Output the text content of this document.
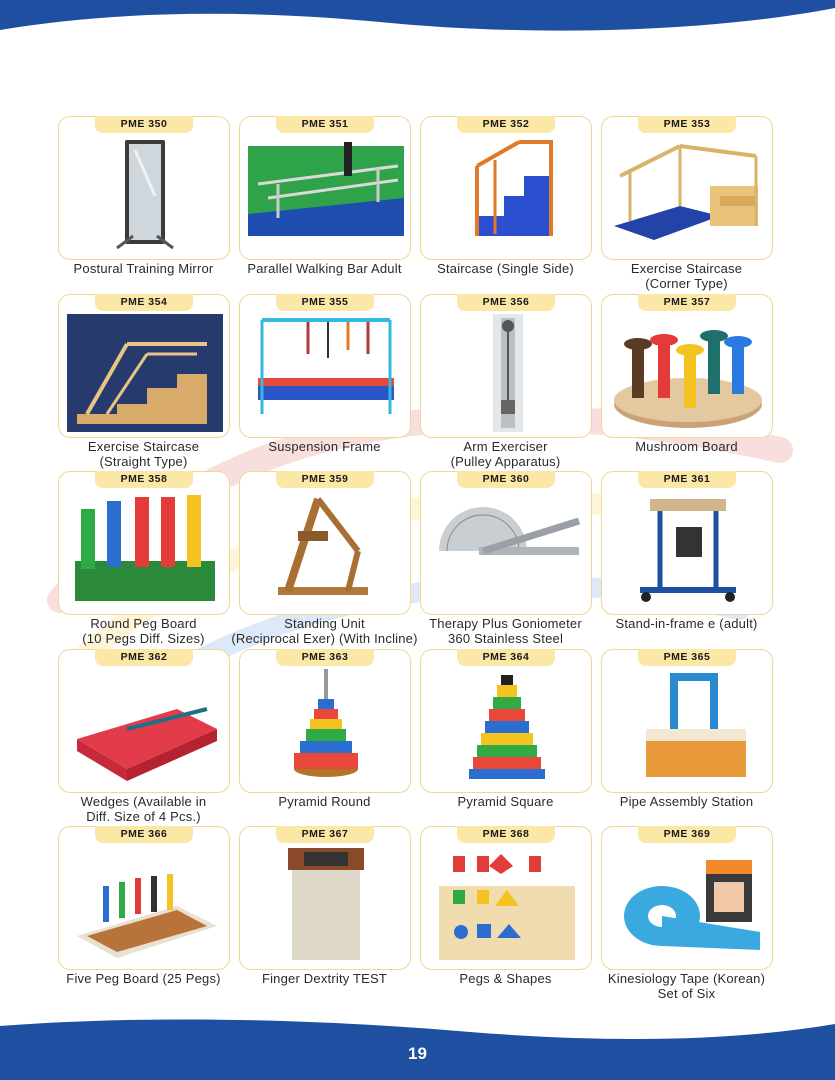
PME 350
Postural Training Mirror
PME 351
Parallel Walking Bar Adult
PME 352
Staircase (Single Side)
PME 353
Exercise Staircase
(Corner Type)
PME 354
Exercise Staircase
(Straight Type)
PME 355
Suspension Frame
PME 356
Arm Exerciser
(Pulley Apparatus)
PME 357
Mushroom Board
PME 358
Round Peg Board
(10 Pegs Diff. Sizes)
PME 359
Standing Unit
(Reciprocal Exer) (With Incline)
PME 360
Therapy Plus Goniometer
360 Stainless Steel
PME 361
Stand-in-frame e (adult)
PME 362
Wedges (Available in
Diff. Size of 4 Pcs.)
PME 363
Pyramid Round
PME 364
Pyramid Square
PME 365
Pipe Assembly Station
PME 366
Five Peg Board (25 Pegs)
PME 367
Finger Dextrity TEST
PME 368
Pegs & Shapes
PME 369
Kinesiology Tape (Korean)
Set of Six
19
